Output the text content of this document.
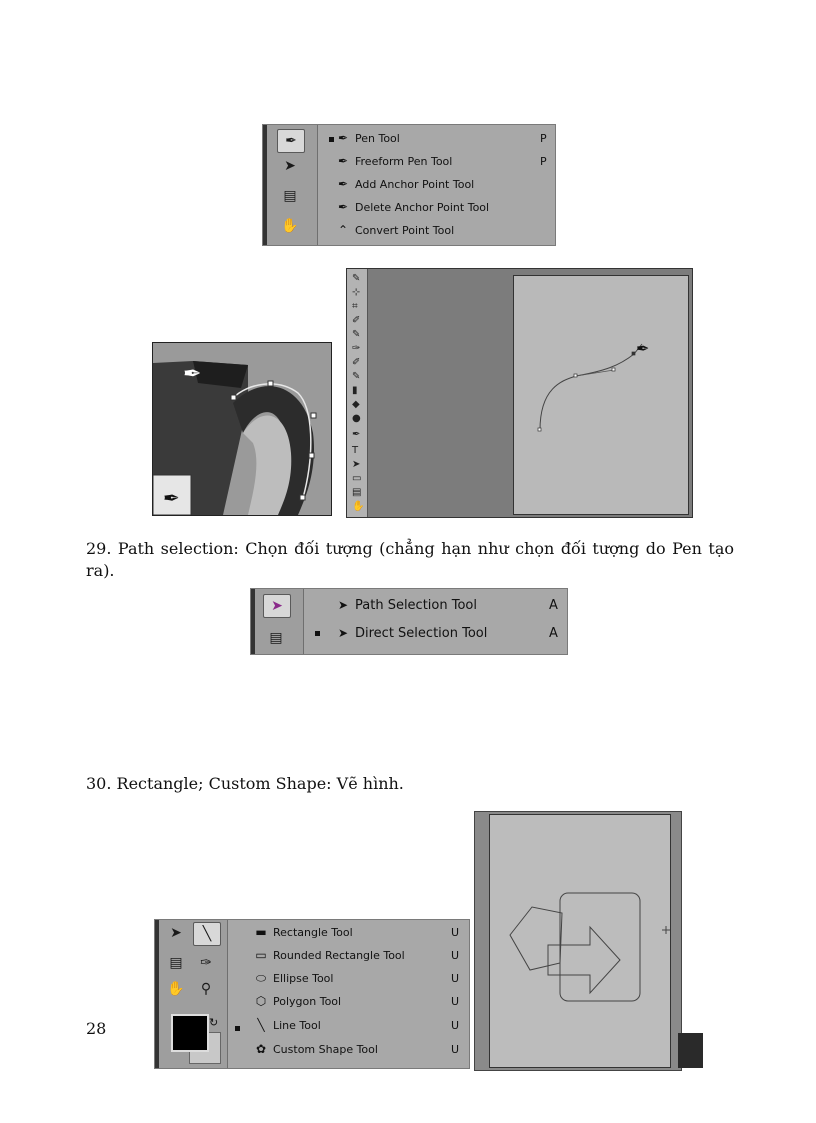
✒
➤
▤
✋
✒ Pen Tool	P
✒ Freeform Pen Tool	P
✒ Add Anchor Point Tool
✒ Delete Anchor Point Tool
⌃ Convert Point Tool
✒
✒
✎
⊹
⌗
✐
✎
✑
✐
✎
▮
◆
●
✒
T
➤
▭
▤
✋
✒
29. Path selection: Chọn đối tượng (chẳng hạn như chọn đối tượng do Pen tạo ra).
➤
▤
➤ Path Selection Tool	A
➤ Direct Selection Tool	A
30. Rectangle; Custom Shape: Vẽ hình.
➤	╲
▤	✑
✋	⚲
↻
▬ Rectangle Tool	U
▭ Rounded Rectangle Tool	U
⬭ Ellipse Tool	U
⬡ Polygon Tool	U
╲ Line Tool	U
✿ Custom Shape Tool	U
28
